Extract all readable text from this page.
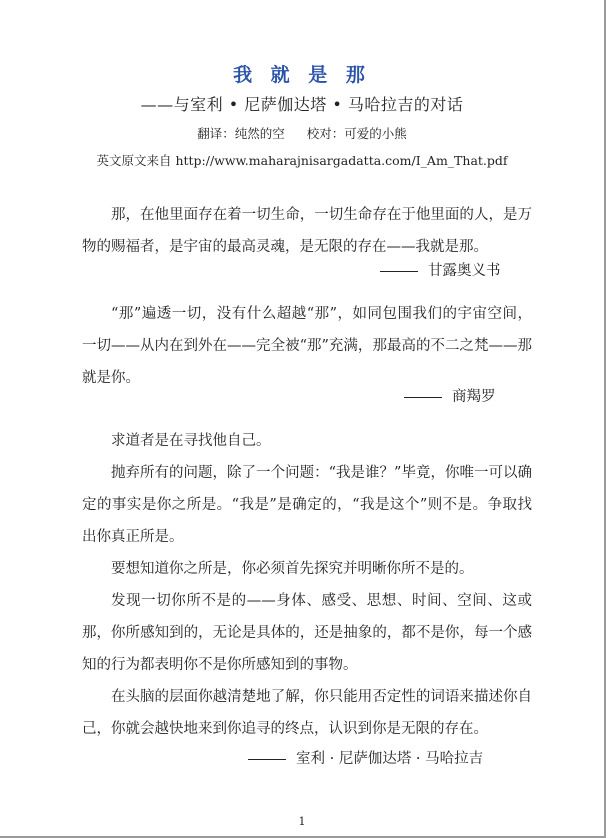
我 就 是 那
——与室利 • 尼萨伽达塔 • 马哈拉吉的对话
翻译：纯然的空 校对：可爱的小熊
英文原文来自 http://www.maharajnisargadatta.com/I_Am_That.pdf

那，在他里面存在着一切生命，一切生命存在于他里面的人，是万物的赐福者，是宇宙的最高灵魂，是无限的存在——我就是那。

甘露奥义书

“那”遍透一切，没有什么超越“那”，如同包围我们的宇宙空间，一切——从内在到外在——完全被“那”充满，那最高的不二之梵——那就是你。

商羯罗

求道者是在寻找他自己。

抛弃所有的问题，除了一个问题：“我是谁？”毕竟，你唯一可以确定的事实是你之所是。“我是”是确定的，“我是这个”则不是。争取找出你真正所是。

要想知道你之所是，你必须首先探究并明晰你所不是的。

发现一切你所不是的——身体、感受、思想、时间、空间、这或那，你所感知到的，无论是具体的，还是抽象的，都不是你，每一个感知的行为都表明你不是你所感知到的事物。

在头脑的层面你越清楚地了解，你只能用否定性的词语来描述你自己，你就会越快地来到你追寻的终点，认识到你是无限的存在。

室利 · 尼萨伽达塔 · 马哈拉吉
1
